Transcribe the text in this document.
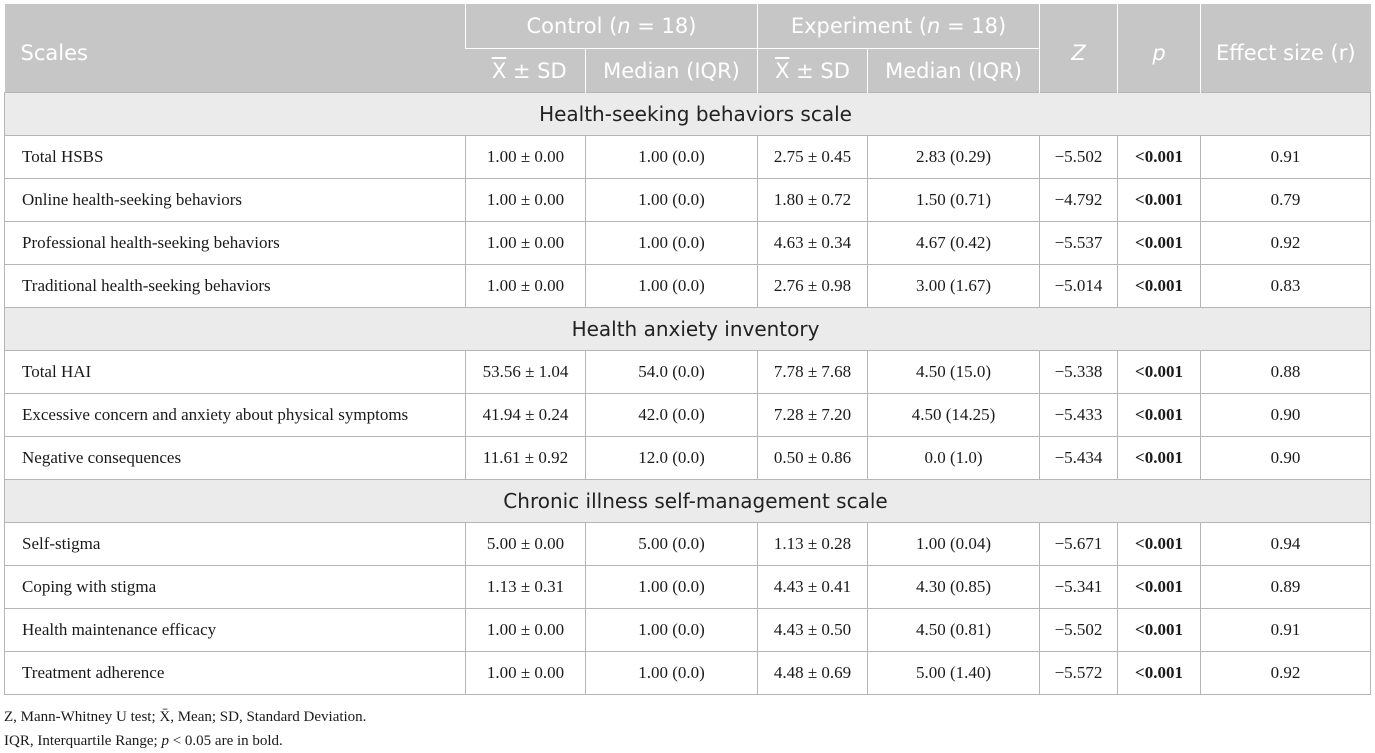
Scales	Control (n = 18)		Experiment (n = 18)		Z	p	Effect size (r)
	$\overline{X}$ ± SD	Median (IQR)	$\overline{X}$ ± SD	Median (IQR)			
Health-seeking behaviors scale							
Total HSBS	1.00 ± 0.00	1.00 (0.0)	2.75 ± 0.45	2.83 (0.29)	−5.502	<0.001	0.91
Online health-seeking behaviors	1.00 ± 0.00	1.00 (0.0)	1.80 ± 0.72	1.50 (0.71)	−4.792	<0.001	0.79
Professional health-seeking behaviors	1.00 ± 0.00	1.00 (0.0)	4.63 ± 0.34	4.67 (0.42)	−5.537	<0.001	0.92
Traditional health-seeking behaviors	1.00 ± 0.00	1.00 (0.0)	2.76 ± 0.98	3.00 (1.67)	−5.014	<0.001	0.83
Health anxiety inventory							
Total HAI	53.56 ± 1.04	54.0 (0.0)	7.78 ± 7.68	4.50 (15.0)	−5.338	<0.001	0.88
Excessive concern and anxiety about physical symptoms	41.94 ± 0.24	42.0 (0.0)	7.28 ± 7.20	4.50 (14.25)	−5.433	<0.001	0.90
Negative consequences	11.61 ± 0.92	12.0 (0.0)	0.50 ± 0.86	0.0 (1.0)	−5.434	<0.001	0.90
Chronic illness self-management scale							
Self-stigma	5.00 ± 0.00	5.00 (0.0)	1.13 ± 0.28	1.00 (0.04)	−5.671	<0.001	0.94
Coping with stigma	1.13 ± 0.31	1.00 (0.0)	4.43 ± 0.41	4.30 (0.85)	−5.341	<0.001	0.89
Health maintenance efficacy	1.00 ± 0.00	1.00 (0.0)	4.43 ± 0.50	4.50 (0.81)	−5.502	<0.001	0.91
Treatment adherence	1.00 ± 0.00	1.00 (0.0)	4.48 ± 0.69	5.00 (1.40)	−5.572	<0.001	0.92
Z, Mann-Whitney U test; X̄, Mean; SD, Standard Deviation.
IQR, Interquartile Range; p < 0.05 are in bold.
